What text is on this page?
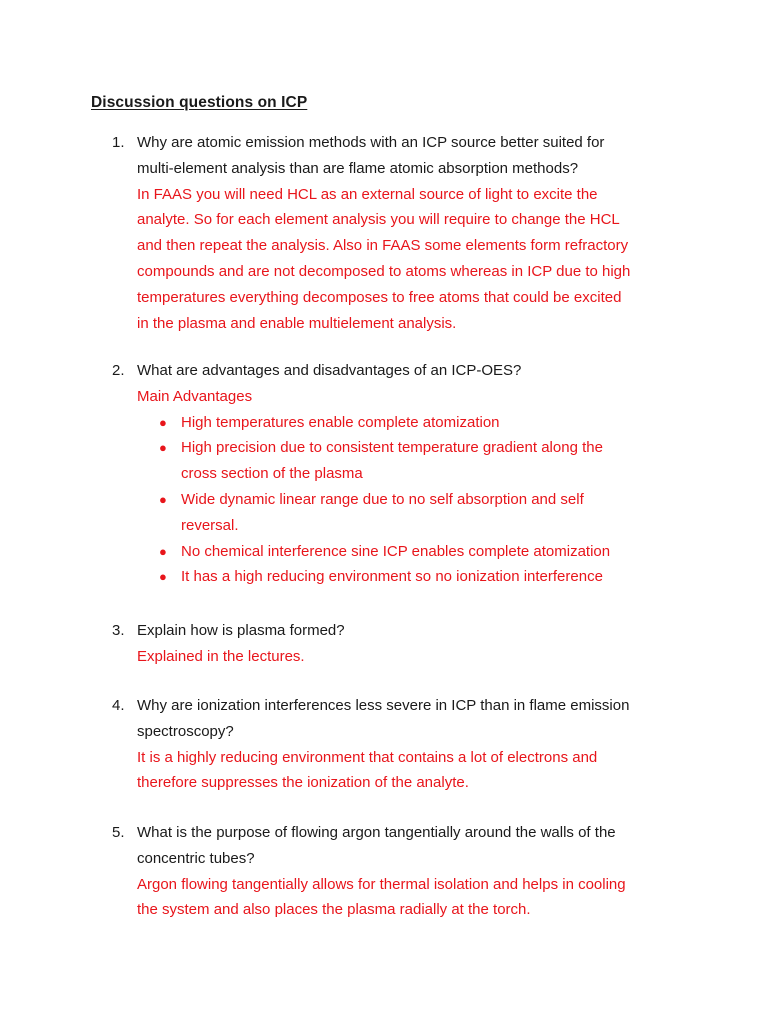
Discussion questions on ICP
1. Why are atomic emission methods with an ICP source better suited for
multi-element analysis than are flame atomic absorption methods?

In FAAS you will need HCL as an external source of light to excite the
analyte. So for each element analysis you will require to change the HCL
and then repeat the analysis. Also in FAAS some elements form refractory
compounds and are not decomposed to atoms whereas in ICP due to high
temperatures everything decomposes to free atoms that could be excited
in the plasma and enable multielement analysis.

2. What are advantages and disadvantages of an ICP-OES?

Main Advantages

● High temperatures enable complete atomization
● High precision due to consistent temperature gradient along the
cross section of the plasma
● Wide dynamic linear range due to no self absorption and self
reversal.
● No chemical interference sine ICP enables complete atomization
● It has a high reducing environment so no ionization interference
3. Explain how is plasma formed?

Explained in the lectures.

4. Why are ionization interferences less severe in ICP than in flame emission
spectroscopy?

It is a highly reducing environment that contains a lot of electrons and
therefore suppresses the ionization of the analyte.

5. What is the purpose of flowing argon tangentially around the walls of the
concentric tubes?

Argon flowing tangentially allows for thermal isolation and helps in cooling
the system and also places the plasma radially at the torch.
